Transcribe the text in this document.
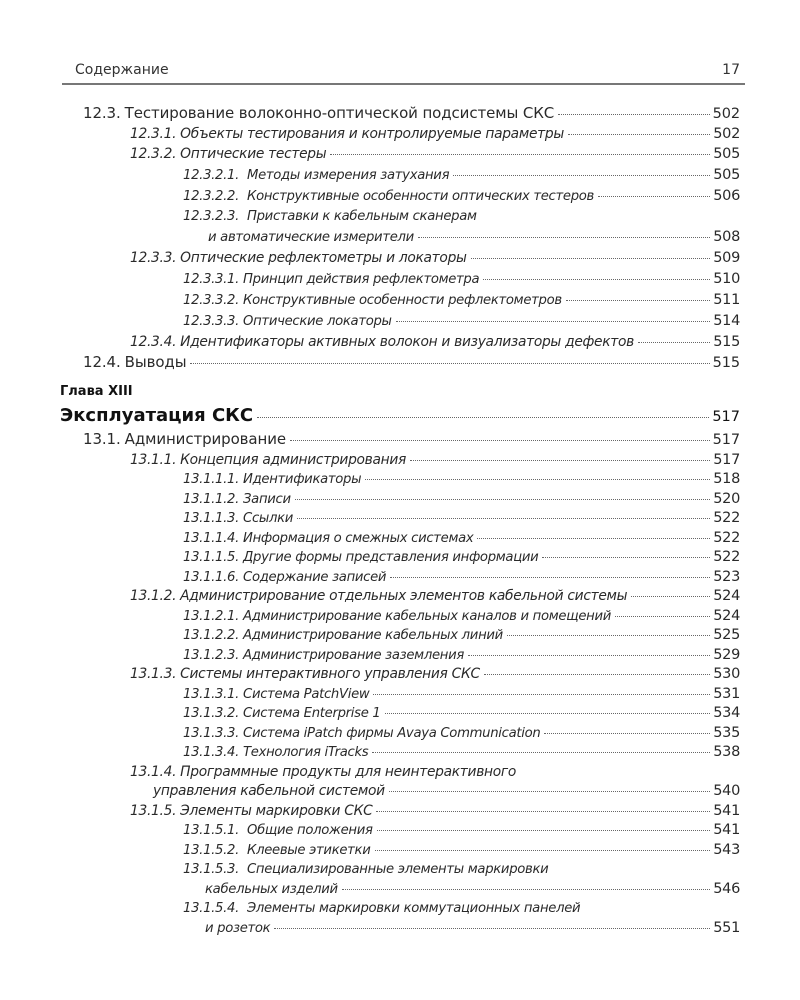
Содержание	17
12.3. Тестирование волоконно-оптической подсистемы СКС	502
12.3.1. Объекты тестирования и контролируемые параметры	502
12.3.2. Оптические тестеры	505
12.3.2.1. Методы измерения затухания	505
12.3.2.2. Конструктивные особенности оптических тестеров	506
12.3.2.3. Приставки к кабельным сканерам
и автоматические измерители	508
12.3.3. Оптические рефлектометры и локаторы	509
12.3.3.1. Принцип действия рефлектометра	510
12.3.3.2. Конструктивные особенности рефлектометров	511
12.3.3.3. Оптические локаторы	514
12.3.4. Идентификаторы активных волокон и визуализаторы дефектов	515
12.4. Выводы	515
Глава XIII
Эксплуатация СКС	517
13.1. Администрирование	517
13.1.1. Концепция администрирования	517
13.1.1.1. Идентификаторы	518
13.1.1.2. Записи	520
13.1.1.3. Ссылки	522
13.1.1.4. Информация о смежных системах	522
13.1.1.5. Другие формы представления информации	522
13.1.1.6. Содержание записей	523
13.1.2. Администрирование отдельных элементов кабельной системы	524
13.1.2.1. Администрирование кабельных каналов и помещений	524
13.1.2.2. Администрирование кабельных линий	525
13.1.2.3. Администрирование заземления	529
13.1.3. Системы интерактивного управления СКС	530
13.1.3.1. Система PatchView	531
13.1.3.2. Система Enterprise 1	534
13.1.3.3. Система iPatch фирмы Avaya Communication	535
13.1.3.4. Технология iTracks	538
13.1.4. Программные продукты для неинтерактивного
управления кабельной системой	540
13.1.5. Элементы маркировки СКС	541
13.1.5.1. Общие положения	541
13.1.5.2. Клеевые этикетки	543
13.1.5.3. Специализированные элементы маркировки
кабельных изделий	546
13.1.5.4. Элементы маркировки коммутационных панелей
и розеток	551
